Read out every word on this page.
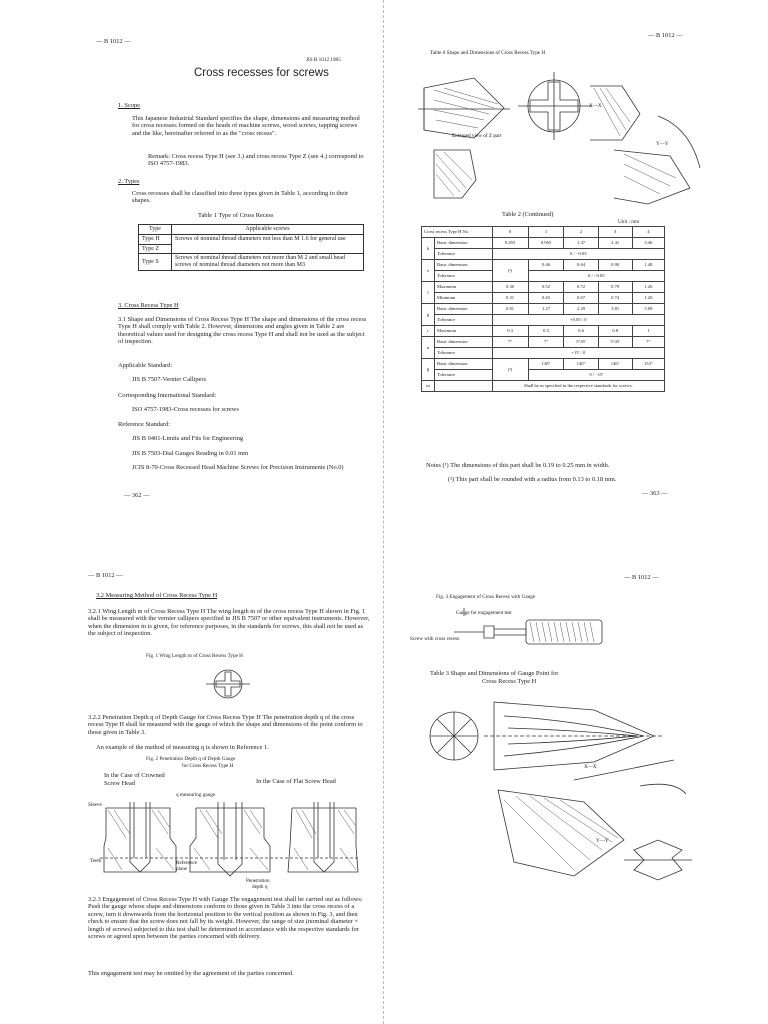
— B 1012 —
JIS B 1012 1985
Cross recesses for screws
1. Scope
This Japanese Industrial Standard specifies the shape, dimensions and measuring method for cross recesses formed on the heads of machine screws, wood screws, tapping screws and the like, hereinafter referred to as the "cross recess".
Remark: Cross recess Type H (see 3.) and cross recess Type Z (see 4.) correspond to ISO 4757-1983.
2. Types
Cross recesses shall be classified into three types given in Table 1, according to their shapes.
Table 1 Type of Cross Recess
Type	Applicable screws
Type H	Screws of nominal thread diameters not less than M 1.6 for general use
Type Z	
Type S	Screws of nominal thread diameters not more than M 2 and small head screws of nominal thread diameters not more than M3
3. Cross Recess Type H
3.1 Shape and Dimensions of Cross Recess Type H The shape and dimensions of the cross recess Type H shall comply with Table 2. However, dimensions and angles given in Table 2 are theoretical values used for designing the cross recess Type H and shall not be used as the subject of inspection.
Applicable Standard:
JIS B 7507-Vernier Callipers
Corresponding International Standard:
ISO 4757-1983-Cross recesses for screws
Reference Standard:
JIS B 0401-Limits and Fits for Engineering
JIS B 7503-Dial Gauges Reading in 0.01 mm
JCIS 8-70-Cross Recessed Head Machine Screws for Precision Instruments (No.0)
— 362 —
— B 1012 —
Table 0 Shape and Dimensions of Cross Recess Type H
X—X
Y—Y
Enlarged view of Z part
Table 2 (Continued)
Unit : mm
Cross recess Type H No.		0	1	2	3	4
b	Basic dimension	0.455	0.965	1.47	2.41	3.46
	Tolerance	0 / −0.03				
e	Basic dimension	(¹)	0.46	0.64	0.90	1.48
	Tolerance		0 / −0.05			
f	Maximum	0.30	0.52	0.72	0.79	1.26
	Minimum	0.31	0.45	0.67	0.74	1.20
g	Basic dimension	0.81	1.27	2.29	3.81	5.08
	Tolerance	+0.05 / 0				
r	Maximum	0.3	0.5	0.6	0.8	1
α	Basic dimension	7°	7°	5°45'	5°45'	7°
	Tolerance	+15' / 0				
β	Basic dimension	(²)	138°	140°	146°	153°
	Tolerance		0 / −15'			
m		Shall be as specified in the respective standards for screws.				
Notes (¹) The dimensions of this part shall be 0.19 to 0.25 mm in width.
(²) This part shall be rounded with a radius from 0.13 to 0.18 mm.
— 363 —
— B 1012 —
3.2 Measuring Method of Cross Recess Type H
3.2.1 Wing Length m of Cross Recess Type H The wing length m of the cross recess Type H shown in Fig. 1 shall be measured with the vernier callipers specified in JIS B 7507 or other equivalent instruments. However, when the dimension m is given, for reference purposes, in the standards for screws, this shall not be used as the subject of inspection.
Fig. 1 Wing Length m of Cross Recess Type H
3.2.2 Penetration Depth q of Depth Gauge for Cross Recess Type H The penetration depth q of the cross recess Type H shall be measured with the gauge of which the shape and dimensions of the point conform to those given in Table 3.
An example of the method of measuring q is shown in Reference 1.
Fig. 2 Penetration Depth q of Depth Gauge
for Cross Recess Type H
In the Case of Crowned
Screw Head	In the Case of Flat Screw Head
q measuring gauge
Sleeve
Teeth	Reference
plane
Penetration
depth q
3.2.3 Engagement of Cross Recess Type H with Gauge The engagement test shall be carried out as follows: Push the gauge whose shape and dimensions conform to those given in Table 3 into the cross recess of a screw, turn it downwards from the horizontal position to the vertical position as shown in Fig. 3, and then check to ensure that the screw does not fall by its weight. However, the range of size (nominal diameter × length of screws) subjected to this test shall be determined in accordance with the respective standards for screws or agreed upon between the parties concerned with delivery.
This engagement test may be omitted by the agreement of the parties concerned.
— B 1012 —
Fig. 3 Engagement of Cross Recess with Gauge
Gauge for engagement test
Screw with cross recess
Table 3 Shape and Dimensions of Gauge Point for
Cross Recess Type H
X—X
Y—Y
